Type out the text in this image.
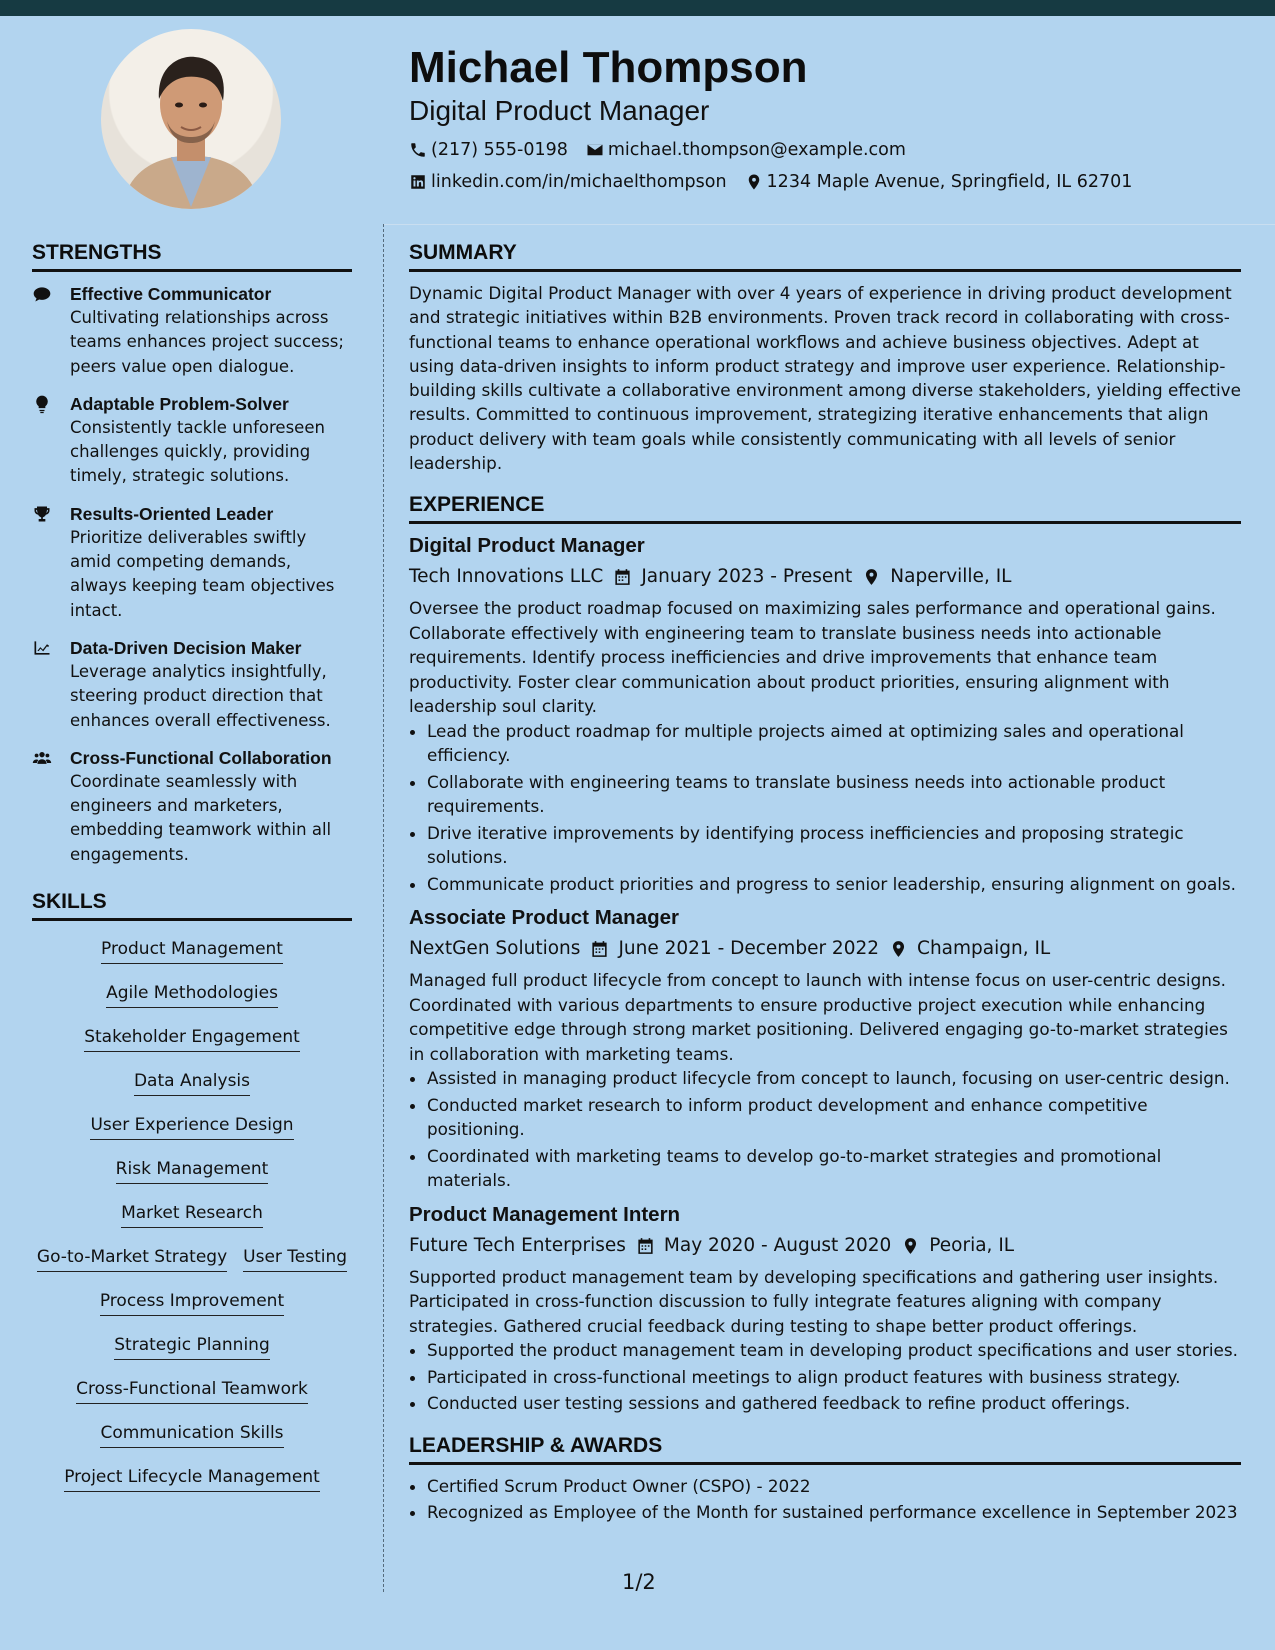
Michael Thompson
Digital Product Manager
(217) 555-0198 michael.thompson@example.com
linkedin.com/in/michaelthompson 1234 Maple Avenue, Springfield, IL 62701
STRENGTHS
Effective Communicator
Cultivating relationships across teams enhances project success; peers value open dialogue.
Adaptable Problem-Solver
Consistently tackle unforeseen challenges quickly, providing timely, strategic solutions.
Results-Oriented Leader
Prioritize deliverables swiftly amid competing demands, always keeping team objectives intact.
Data-Driven Decision Maker
Leverage analytics insightfully, steering product direction that enhances overall effectiveness.
Cross-Functional Collaboration
Coordinate seamlessly with engineers and marketers, embedding teamwork within all engagements.
SKILLS
Product Management
Agile Methodologies
Stakeholder Engagement
Data Analysis
User Experience Design
Risk Management
Market Research
Go-to-Market Strategy User Testing
Process Improvement
Strategic Planning
Cross-Functional Teamwork
Communication Skills
Project Lifecycle Management
SUMMARY

Dynamic Digital Product Manager with over 4 years of experience in driving product development and strategic initiatives within B2B environments. Proven track record in collaborating with cross-functional teams to enhance operational workflows and achieve business objectives. Adept at using data-driven insights to inform product strategy and improve user experience. Relationship-building skills cultivate a collaborative environment among diverse stakeholders, yielding effective results. Committed to continuous improvement, strategizing iterative enhancements that align product delivery with team goals while consistently communicating with all levels of senior leadership.

EXPERIENCE
Digital Product Manager
Tech Innovations LLC January 2023 - Present Naperville, IL

Oversee the product roadmap focused on maximizing sales performance and operational gains. Collaborate effectively with engineering team to translate business needs into actionable requirements. Identify process inefficiencies and drive improvements that enhance team productivity. Foster clear communication about product priorities, ensuring alignment with leadership soul clarity.

• Lead the product roadmap for multiple projects aimed at optimizing sales and operational efficiency.
• Collaborate with engineering teams to translate business needs into actionable product requirements.
• Drive iterative improvements by identifying process inefficiencies and proposing strategic solutions.
• Communicate product priorities and progress to senior leadership, ensuring alignment on goals.
Associate Product Manager
NextGen Solutions June 2021 - December 2022 Champaign, IL

Managed full product lifecycle from concept to launch with intense focus on user-centric designs. Coordinated with various departments to ensure productive project execution while enhancing competitive edge through strong market positioning. Delivered engaging go-to-market strategies in collaboration with marketing teams.

• Assisted in managing product lifecycle from concept to launch, focusing on user-centric design.
• Conducted market research to inform product development and enhance competitive positioning.
• Coordinated with marketing teams to develop go-to-market strategies and promotional materials.
Product Management Intern
Future Tech Enterprises May 2020 - August 2020 Peoria, IL

Supported product management team by developing specifications and gathering user insights. Participated in cross-function discussion to fully integrate features aligning with company strategies. Gathered crucial feedback during testing to shape better product offerings.

• Supported the product management team in developing product specifications and user stories.
• Participated in cross-functional meetings to align product features with business strategy.
• Conducted user testing sessions and gathered feedback to refine product offerings.
LEADERSHIP & AWARDS
• Certified Scrum Product Owner (CSPO) - 2022
• Recognized as Employee of the Month for sustained performance excellence in September 2023
1/2
